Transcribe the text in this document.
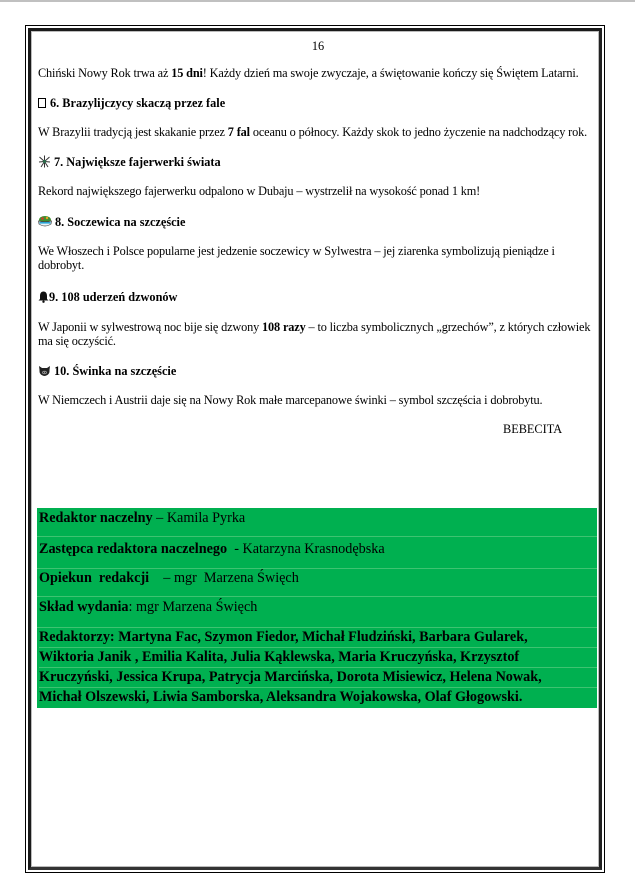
16
Chiński Nowy Rok trwa aż 15 dni! Każdy dzień ma swoje zwyczaje, a świętowanie kończy się Świętem Latarni.
6. Brazylijczycy skaczą przez fale
W Brazylii tradycją jest skakanie przez 7 fal oceanu o północy. Każdy skok to jedno życzenie na nadchodzący rok.
7. Największe fajerwerki świata
Rekord największego fajerwerku odpalono w Dubaju – wystrzelił na wysokość ponad 1 km!
8. Soczewica na szczęście
We Włoszech i Polsce popularne jest jedzenie soczewicy w Sylwestra – jej ziarenka symbolizują pieniądze i dobrobyt.
9. 108 uderzeń dzwonów
W Japonii w sylwestrową noc bije się dzwony 108 razy – to liczba symbolicznych „grzechów”, z których człowiek ma się oczyścić.
10. Świnka na szczęście
W Niemczech i Austrii daje się na Nowy Rok małe marcepanowe świnki – symbol szczęścia i dobrobytu.
BEBECITA
Redaktor naczelny – Kamila Pyrka
Zastępca redaktora naczelnego  - Katarzyna Krasnodębska
Opiekun  redakcji    – mgr  Marzena Święch
Skład wydania: mgr Marzena Święch
Redaktorzy: Martyna Fac, Szymon Fiedor, Michał Fludziński, Barbara Gularek,
Wiktoria Janik , Emilia Kalita, Julia Kąklewska, Maria Kruczyńska, Krzysztof
Kruczyński, Jessica Krupa, Patrycja Marcińska, Dorota Misiewicz, Helena Nowak,
Michał Olszewski, Liwia Samborska, Aleksandra Wojakowska, Olaf Głogowski.
